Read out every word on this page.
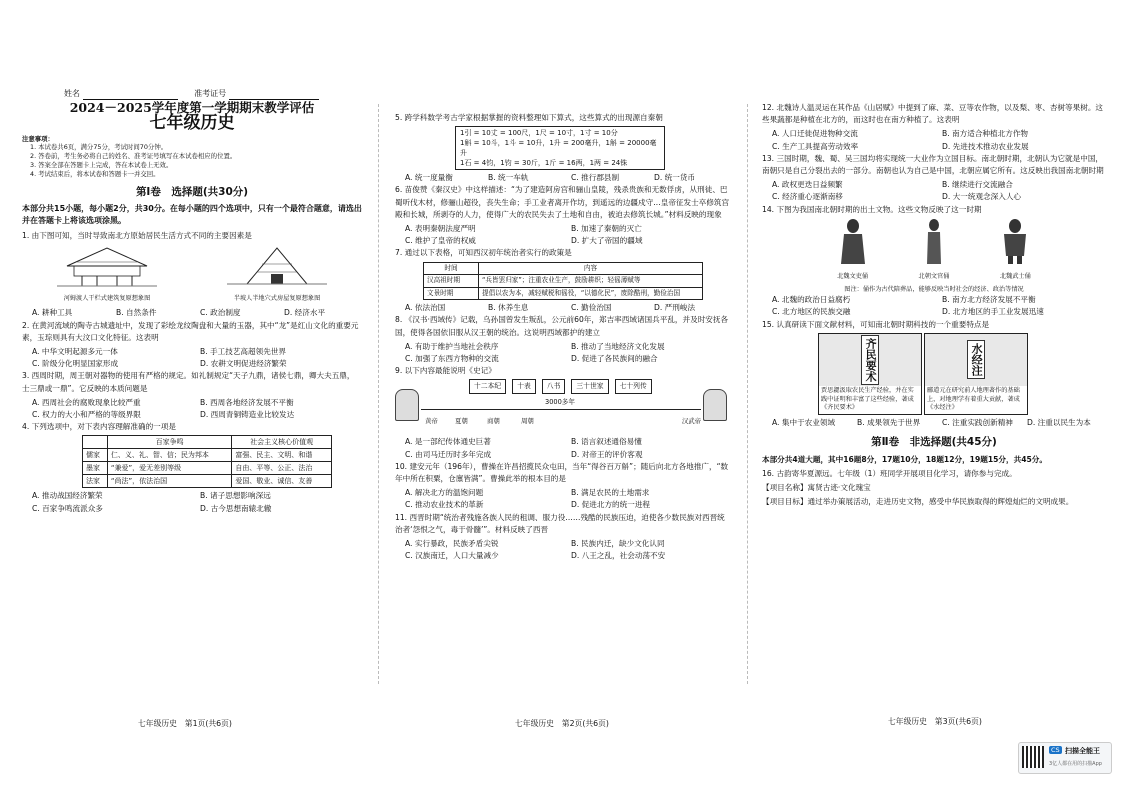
姓名	准考证号
2024－2025学年度第一学期期末教学评估
七年级历史
注意事项：
1. 本试卷共6页，满分75分，考试时间70分钟。
2. 答卷前，考生务必将自己的姓名、准考证号填写在本试卷相应的位置。
3. 答案全部在答题卡上完成，答在本试卷上无效。
4. 考试结束后，将本试卷和答题卡一并交回。
第Ⅰ卷　选择题(共30分)
本部分共15小题，每小题2分，共30分。在每小题的四个选项中，只有一个最符合题意，请选出并在答题卡上将该选项涂黑。
1. 由下图可知，当时导致南北方原始居民生活方式不同的主要因素是
河姆渡人干栏式建筑复原想象图	半坡人半地穴式房屋复原想象图
A. 耕种工具	B. 自然条件	C. 政治制度	D. 经济水平
2. 在黄河流域的陶寺古城遗址中，发现了彩绘龙纹陶盘和大量的玉器，其中“龙”是红山文化的重要元素，玉琮则具有大汶口文化特征。这表明
A. 中华文明起源多元一体	B. 手工技艺高超领先世界
C. 阶级分化明显国家形成	D. 农耕文明促进经济繁荣
3. 西周时期，周王朝对器物的使用有严格的规定。如礼制规定“天子九鼎，诸侯七鼎，卿大夫五鼎，士三鼎或一鼎”。它反映的本质问题是
A. 西周社会的腐败现象比较严重	B. 西周各地经济发展不平衡
C. 权力的大小和严格的等级界限	D. 西周青铜铸造业比较发达
4. 下列选项中，对下表内容理解准确的一项是
	百家争鸣	社会主义核心价值观
儒家	仁、义、礼、智、信；民为邦本	富强、民主、文明、和谐
墨家	“兼爱”，爱无差别等级	自由、平等、公正、法治
法家	“尚法”，依法治国	爱国、敬业、诚信、友善
A. 推动战国经济繁荣	B. 诸子思想影响深远
C. 百家争鸣流派众多	D. 古今思想南辕北辙
5. 跨学科数学考古学家根据掌握的资料整理如下算式，这些算式的出现源自秦朝
1引 = 10丈 = 100尺，1尺 = 10寸，1寸 = 10分
1斛 = 10斗，1斗 = 10升，1升 = 200毫升，1斛 = 20000毫升
1石 = 4钧，1钧 = 30斤，1斤 = 16两，1两 = 24铢
A. 统一度量衡	B. 统一车轨	C. 推行郡县制	D. 统一货币
6. 苗俊赞《秦汉史》中这样描述：“为了建造阿房宫和骊山皇陵，残杀贵族和无数俘虏，从刑徒、巴蜀听伐木材，修骊山超役，丧失生命；手工业者离开作坊，到遥远的边疆戍守…皇帝征发士卒修筑宫殿和长城，所剥夺的人力，使得广大的农民失去了土地和自由，被迫去修筑长城。”材料反映的现象
A. 表明秦朝法度严明	B. 加速了秦朝的灭亡
C. 维护了皇帝的权威	D. 扩大了帝国的疆域
7. 通过以下表格，可知西汉初年统治者实行的政策是
时间	内容
汉高祖时期	“兵皆罢归家”；注重农业生产，鼓励耕织；轻徭薄赋等
文景时期	提倡以农为本，减轻赋税和徭役，“以德化民”，废除酷刑，勤俭治国
A. 依法治国	B. 休养生息	C. 勤俭治国	D. 严刑峻法
8. 《汉书·西域传》记载，乌孙国曾发生叛乱，公元前60年，郑吉率西域诸国兵平乱，并及时安抚各国，使得各国依旧服从汉王朝的统治。这说明西域都护的建立
A. 有助于维护当地社会秩序	B. 推动了当地经济文化发展
C. 加强了东西方物种的交流	D. 促进了各民族间的融合
9. 以下内容最能说明《史记》
十二本纪	十表	八书	三十世家	七十列传
3000多年
黄帝	夏朝	商朝	周朝	汉武帝
A. 是一部纪传体通史巨著	B. 语言叙述通俗易懂
C. 由司马迁历时多年完成	D. 对帝王的评价客观
10. 建安元年（196年），曹操在许昌招揽民众屯田，当年“得谷百万斛”；随后向北方各地推广，“数年中所在积粟，仓廪皆满”。曹操此举的根本目的是
A. 解决北方的温饱问题	B. 满足农民的土地需求
C. 推动农业技术的革新	D. 促进北方的统一进程
11. 西晋时期“统治者残施各族人民的租调、服力役……残酷的民族压迫，迫使各少数民族对西晋统治者‘怨恨之气，毒于骨髓’”。材料反映了西晋
A. 实行暴政，民族矛盾尖锐	B. 民族内迁，缺少文化认同
C. 汉族南迁，人口大量减少	D. 八王之乱，社会动荡不安
12. 北魏诗人温灵运在其作品《山居赋》中提到了麻、菜、豆等农作物，以及梨、枣、杏树等果树。这些果蔬都是种植在北方的，而这时也在南方种植了。这表明
A. 人口迁徙促进物种交流	B. 南方适合种植北方作物
C. 生产工具提高劳动效率	D. 先进技术推动农业发展
13. 三国时期，魏、蜀、吴三国均将实现统一大业作为立国目标。南北朝时期，北朝认为它就是中国，南朝只是自己分裂出去的一部分。南朝也认为自己是中国，北朝应属它所有。这反映出我国南北朝时期
A. 政权更迭日益频繁	B. 继续进行交流融合
C. 经济重心逐渐南移	D. 大一统观念深入人心
14. 下图为我国南北朝时期的出土文物。这些文物反映了这一时期
北魏文吏俑	北朝文官俑	北魏武士俑
图注：俑作为古代陪葬品，能够反映当时社会的经济、政治等情况
A. 北魏的政治日益腐朽	B. 南方北方经济发展不平衡
C. 北方地区的民族交融	D. 北方地区的手工业发展迅速
15. 认真研读下面文献材料，可知南北朝时期科技的一个重要特点是
齐民要术
贾思勰汲取农民生产经验，并在实践中证明和丰富了这些经验，著成《齐民要术》
水经注
郦道元在研究前人地理著作的基础上，对地理学有着重大贡献，著成《水经注》
A. 集中于农业领域	B. 成果领先于世界	C. 注重实践创新精神	D. 注重以民生为本
第Ⅱ卷　非选择题(共45分)
本部分共4道大题，其中16题8分，17题10分，18题12分，19题15分，共45分。
16. 古韵寄华夏源远。七年级（1）班同学开展项目化学习，请你参与完成。
【项目名称】寓贤古迹·文化瑰宝
【项目目标】通过举办策展活动，走进历史文物，感受中华民族取得的辉煌灿烂的文明成果。
七年级历史　第1页(共6页)	七年级历史　第2页(共6页)	七年级历史　第3页(共6页)
CS 扫描全能王
3亿人都在用的扫描App
